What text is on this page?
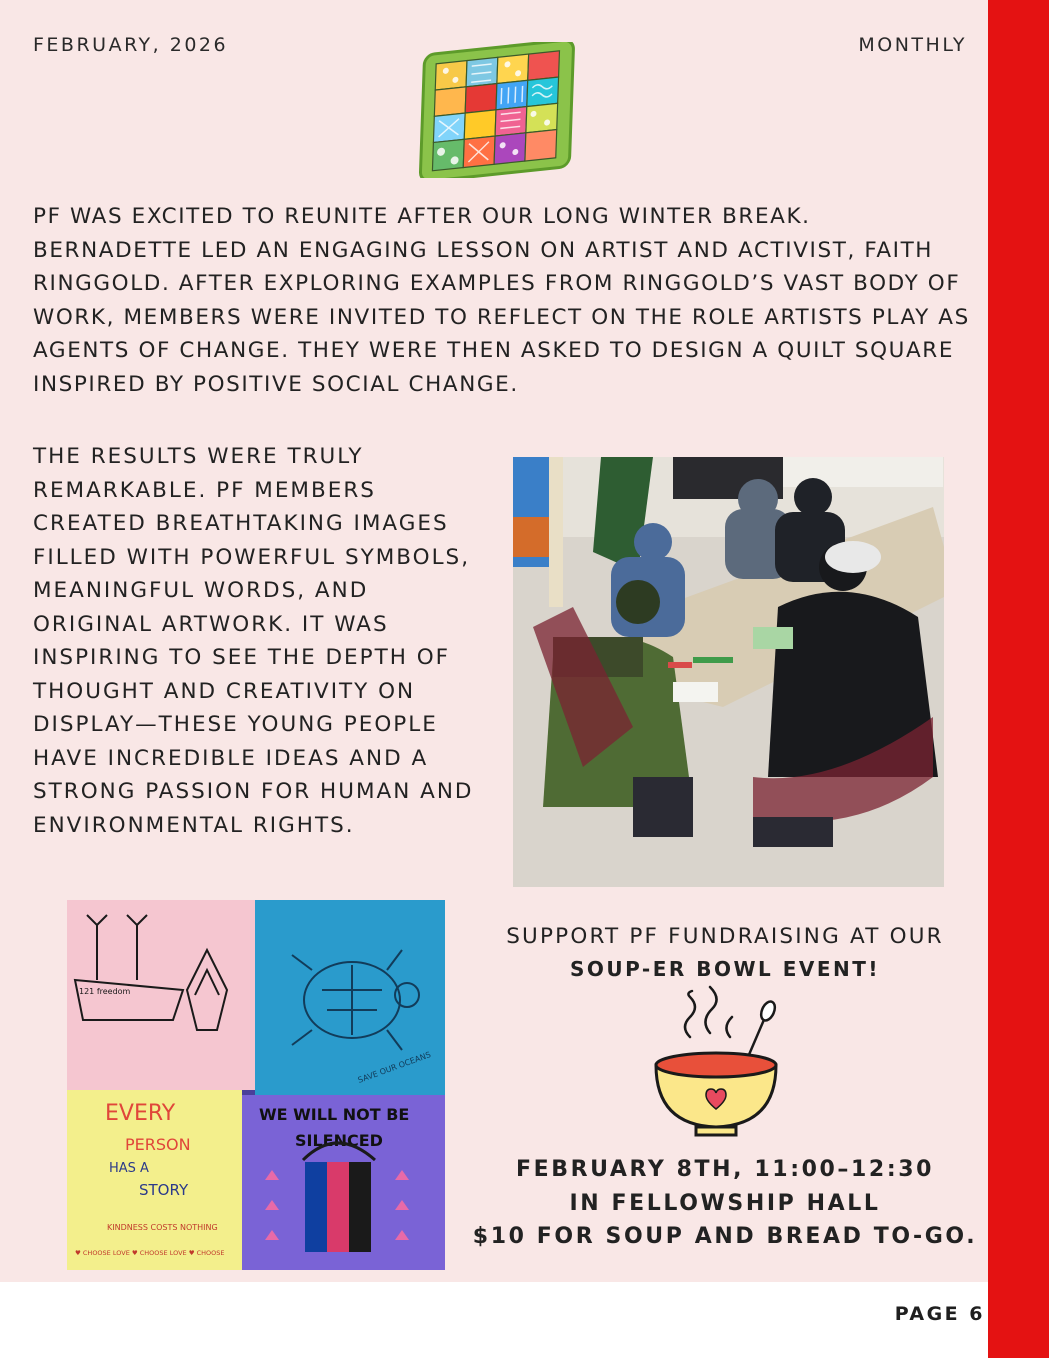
FEBRUARY, 2026	MONTHLY

PF WAS EXCITED TO REUNITE AFTER OUR LONG WINTER BREAK. BERNADETTE LED AN ENGAGING LESSON ON ARTIST AND ACTIVIST, FAITH RINGGOLD. AFTER EXPLORING EXAMPLES FROM RINGGOLD’S VAST BODY OF WORK, MEMBERS WERE INVITED TO REFLECT ON THE ROLE ARTISTS PLAY AS AGENTS OF CHANGE. THEY WERE THEN ASKED TO DESIGN A QUILT SQUARE INSPIRED BY POSITIVE SOCIAL CHANGE.

THE RESULTS WERE TRULY REMARKABLE. PF MEMBERS CREATED BREATHTAKING IMAGES FILLED WITH POWERFUL SYMBOLS, MEANINGFUL WORDS, AND ORIGINAL ARTWORK. IT WAS INSPIRING TO SEE THE DEPTH OF THOUGHT AND CREATIVITY ON DISPLAY—THESE YOUNG PEOPLE HAVE INCREDIBLE IDEAS AND A STRONG PASSION FOR HUMAN AND ENVIRONMENTAL RIGHTS.

121 freedom
SAVE OUR OCEANS
EVERY
PERSON
HAS A
STORY
KINDNESS COSTS NOTHING
♥ CHOOSE LOVE ♥ CHOOSE LOVE ♥ CHOOSE
WE WILL NOT BE
SILENCED
SUPPORT PF FUNDRAISING AT OUR
SOUP-ER BOWL EVENT!
FEBRUARY 8TH, 11:00–12:30
IN FELLOWSHIP HALL
$10 FOR SOUP AND BREAD TO-GO.
PAGE 6
